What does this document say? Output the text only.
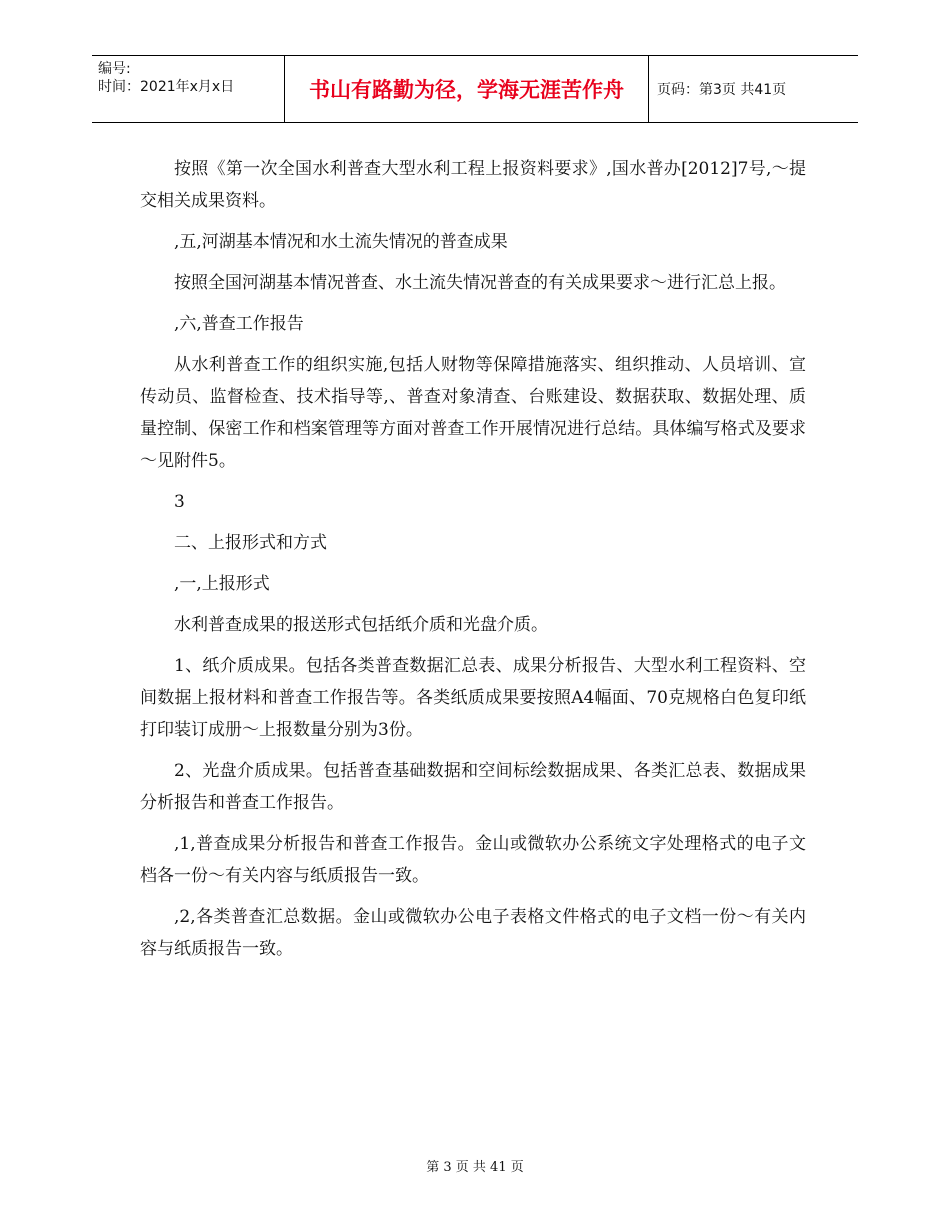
编号:
时间：2021年x月x日	书山有路勤为径，学海无涯苦作舟	页码：第3页 共41页

按照《第一次全国水利普查大型水利工程上报资料要求》,国水普办[2012]7号,～提交相关成果资料。

,五,河湖基本情况和水土流失情况的普查成果

按照全国河湖基本情况普查、水土流失情况普查的有关成果要求～进行汇总上报。

,六,普查工作报告

从水利普查工作的组织实施,包括人财物等保障措施落实、组织推动、人员培训、宣传动员、监督检查、技术指导等,、普查对象清查、台账建设、数据获取、数据处理、质量控制、保密工作和档案管理等方面对普查工作开展情况进行总结。具体编写格式及要求～见附件5。

3

二、上报形式和方式

,一,上报形式

水利普查成果的报送形式包括纸介质和光盘介质。

1、纸介质成果。包括各类普查数据汇总表、成果分析报告、大型水利工程资料、空间数据上报材料和普查工作报告等。各类纸质成果要按照A4幅面、70克规格白色复印纸打印装订成册～上报数量分别为3份。

2、光盘介质成果。包括普查基础数据和空间标绘数据成果、各类汇总表、数据成果分析报告和普查工作报告。

,1,普查成果分析报告和普查工作报告。金山或微软办公系统文字处理格式的电子文档各一份～有关内容与纸质报告一致。

,2,各类普查汇总数据。金山或微软办公电子表格文件格式的电子文档一份～有关内容与纸质报告一致。

第 3 页 共 41 页
